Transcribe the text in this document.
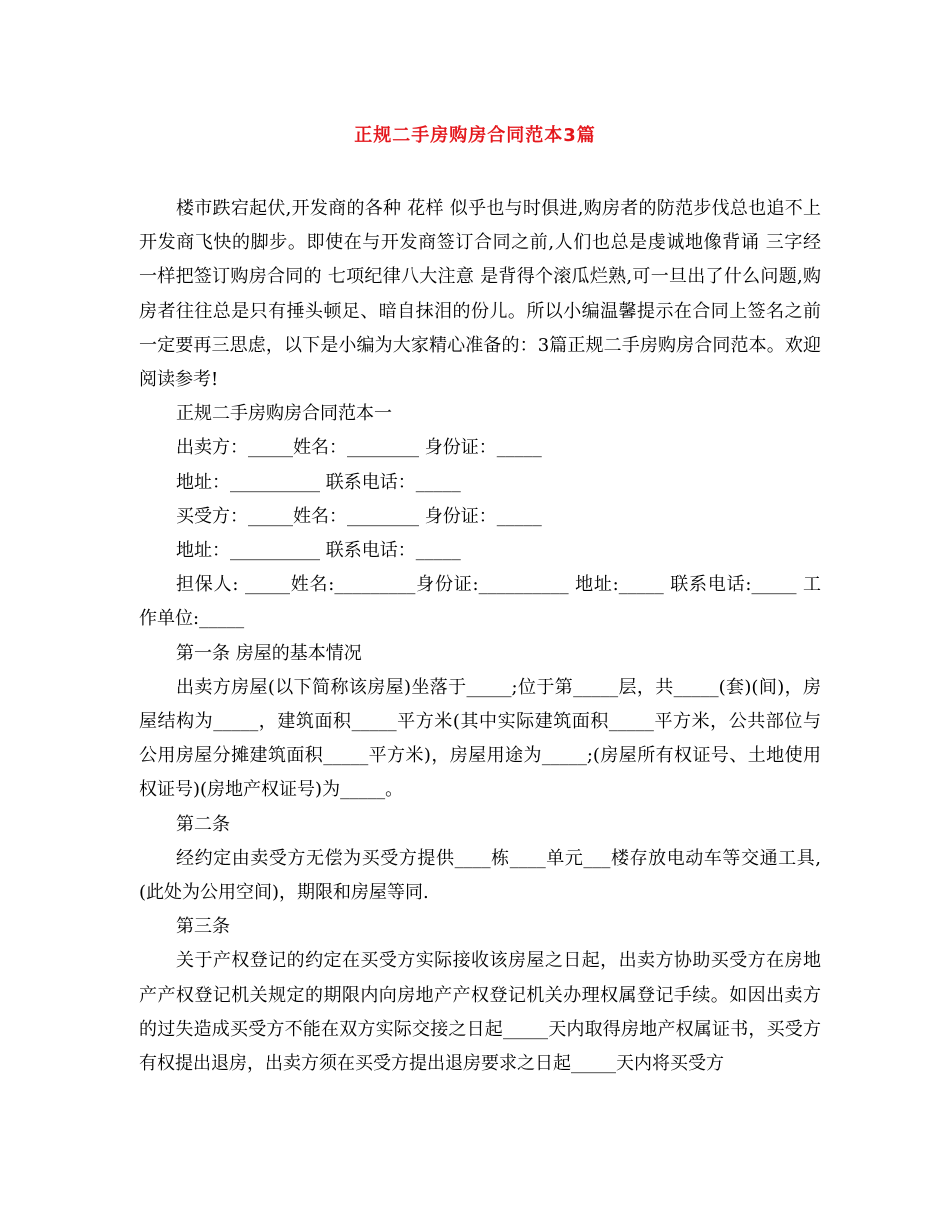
正规二手房购房合同范本3篇

楼市跌宕起伏,开发商的各种 花样 似乎也与时俱进,购房者的防范步伐总也追不上开发商飞快的脚步。即使在与开发商签订合同之前,人们也总是虔诚地像背诵 三字经 一样把签订购房合同的 七项纪律八大注意 是背得个滚瓜烂熟,可一旦出了什么问题,购房者往往总是只有捶头顿足、暗自抹泪的份儿。所以小编温馨提示在合同上签名之前一定要再三思虑，以下是小编为大家精心准备的：3篇正规二手房购房合同范本。欢迎阅读参考!

正规二手房购房合同范本一

出卖方：_____姓名：________ 身份证：_____

地址：__________ 联系电话：_____

买受方：_____姓名：________ 身份证：_____

地址：__________ 联系电话：_____

担保人: _____姓名:_________身份证:__________ 地址:_____ 联系电话:_____ 工作单位:_____

第一条 房屋的基本情况

出卖方房屋(以下简称该房屋)坐落于_____;位于第_____层，共_____(套)(间)，房屋结构为_____，建筑面积_____平方米(其中实际建筑面积_____平方米，公共部位与公用房屋分摊建筑面积_____平方米)，房屋用途为_____;(房屋所有权证号、土地使用权证号)(房地产权证号)为_____。

第二条

经约定由卖受方无偿为买受方提供____栋____单元___楼存放电动车等交通工具,(此处为公用空间)，期限和房屋等同.

第三条

关于产权登记的约定在买受方实际接收该房屋之日起，出卖方协助买受方在房地产产权登记机关规定的期限内向房地产产权登记机关办理权属登记手续。如因出卖方的过失造成买受方不能在双方实际交接之日起_____天内取得房地产权属证书，买受方有权提出退房，出卖方须在买受方提出退房要求之日起_____天内将买受方
